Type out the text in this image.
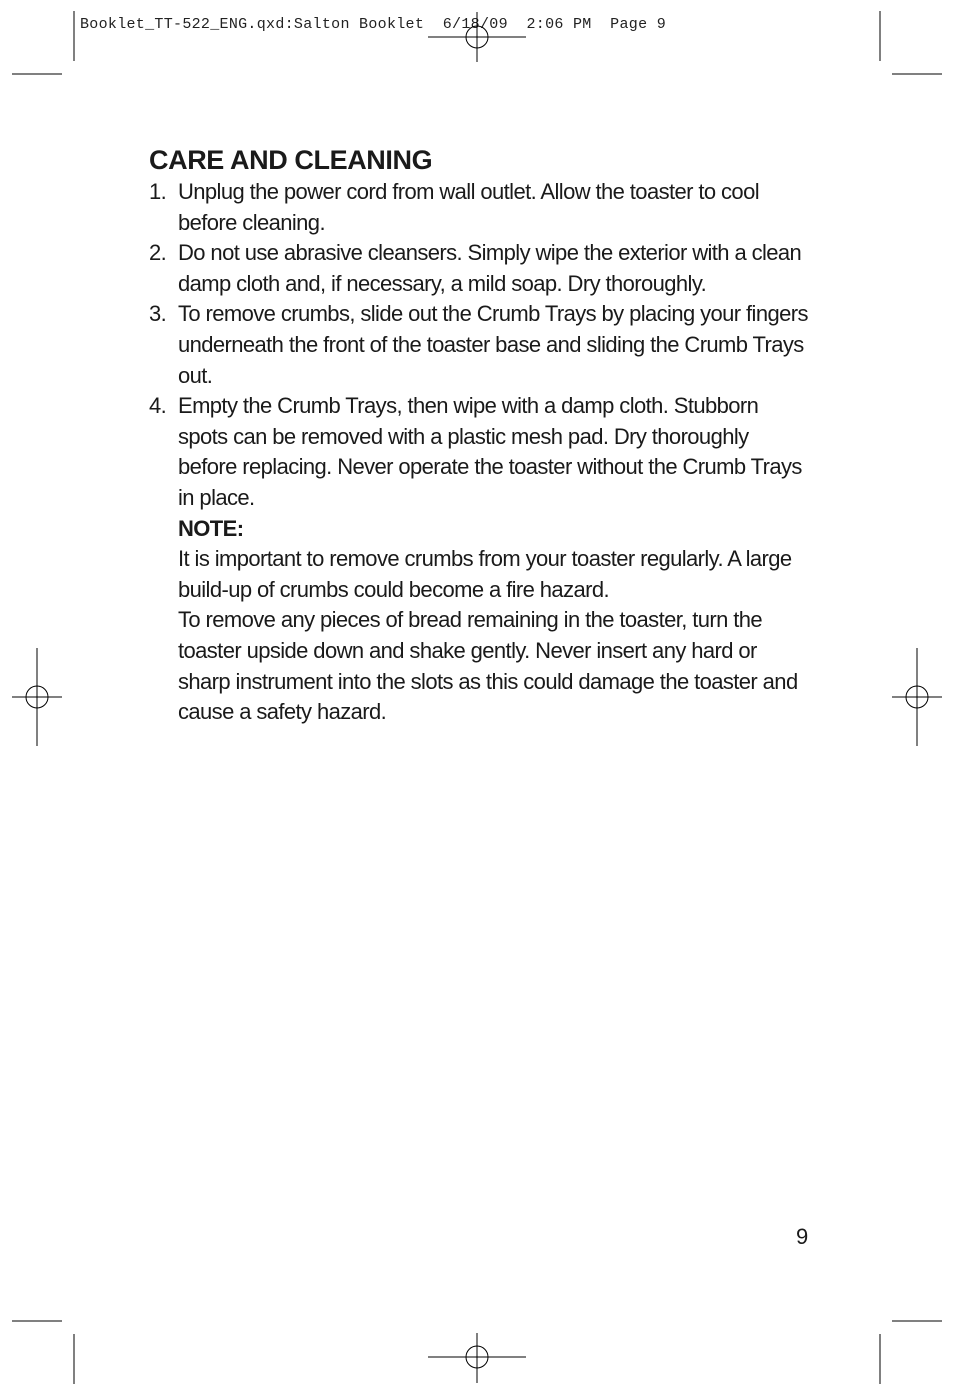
Booklet_TT-522_ENG.qxd:Salton Booklet  6/18/09  2:06 PM  Page 9

CARE AND CLEANING
1. Unplug the power cord from wall outlet. Allow the toaster to cool before cleaning.
2. Do not use abrasive cleansers. Simply wipe the exterior with a clean damp cloth and, if necessary, a mild soap. Dry thoroughly.
3. To remove crumbs, slide out the Crumb Trays by placing your fingers underneath the front of the toaster base and sliding the Crumb Trays out.
4. Empty the Crumb Trays, then wipe with a damp cloth. Stubborn spots can be removed with a plastic mesh pad. Dry thoroughly before replacing. Never operate the toaster without the Crumb Trays in place.
NOTE:
It is important to remove crumbs from your toaster regularly. A large build-up of crumbs could become a fire hazard.
To remove any pieces of bread remaining in the toaster, turn the toaster upside down and shake gently. Never insert any hard or sharp instrument into the slots as this could damage the toaster and cause a safety hazard.

9
